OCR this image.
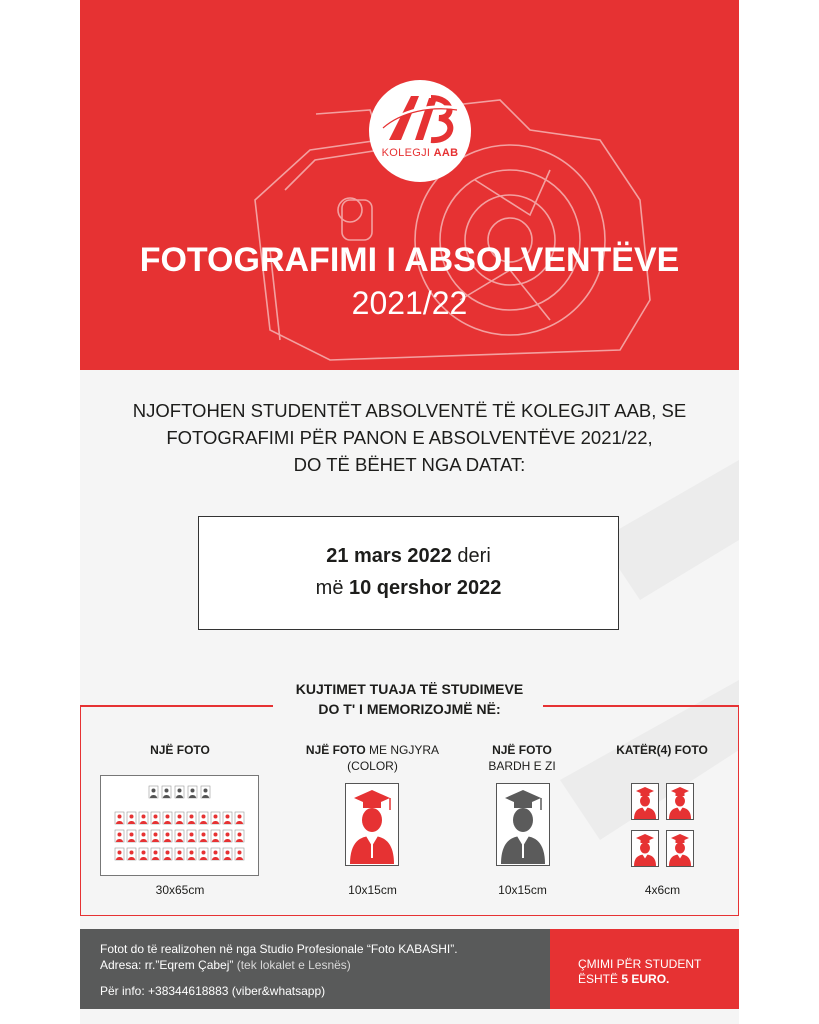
KOLEGJI AAB
FOTOGRAFIMI I ABSOLVENTËVE
2021/22
NJOFTOHEN STUDENTËT ABSOLVENTË TË KOLEGJIT AAB, SE
FOTOGRAFIMI PËR PANON E ABSOLVENTËVE 2021/22,
DO TË BËHET NGA DATAT:
21 mars 2022 deri
më 10 qershor 2022
KUJTIMET TUAJA TË STUDIMEVE
DO T' I MEMORIZOJMË NË:
NJË FOTO
30x65cm
NJË FOTO ME NGJYRA
(COLOR)
10x15cm
NJË FOTO
BARDH E ZI
10x15cm
KATËR(4) FOTO
4x6cm
Fotot do të realizohen në nga Studio Profesionale “Foto KABASHI”.
Adresa: rr.”Eqrem Çabej” (tek lokalet e Lesnës)
Për info: +38344618883 (viber&whatsapp)
ÇMIMI PËR STUDENT
ËSHTË 5 EURO.
